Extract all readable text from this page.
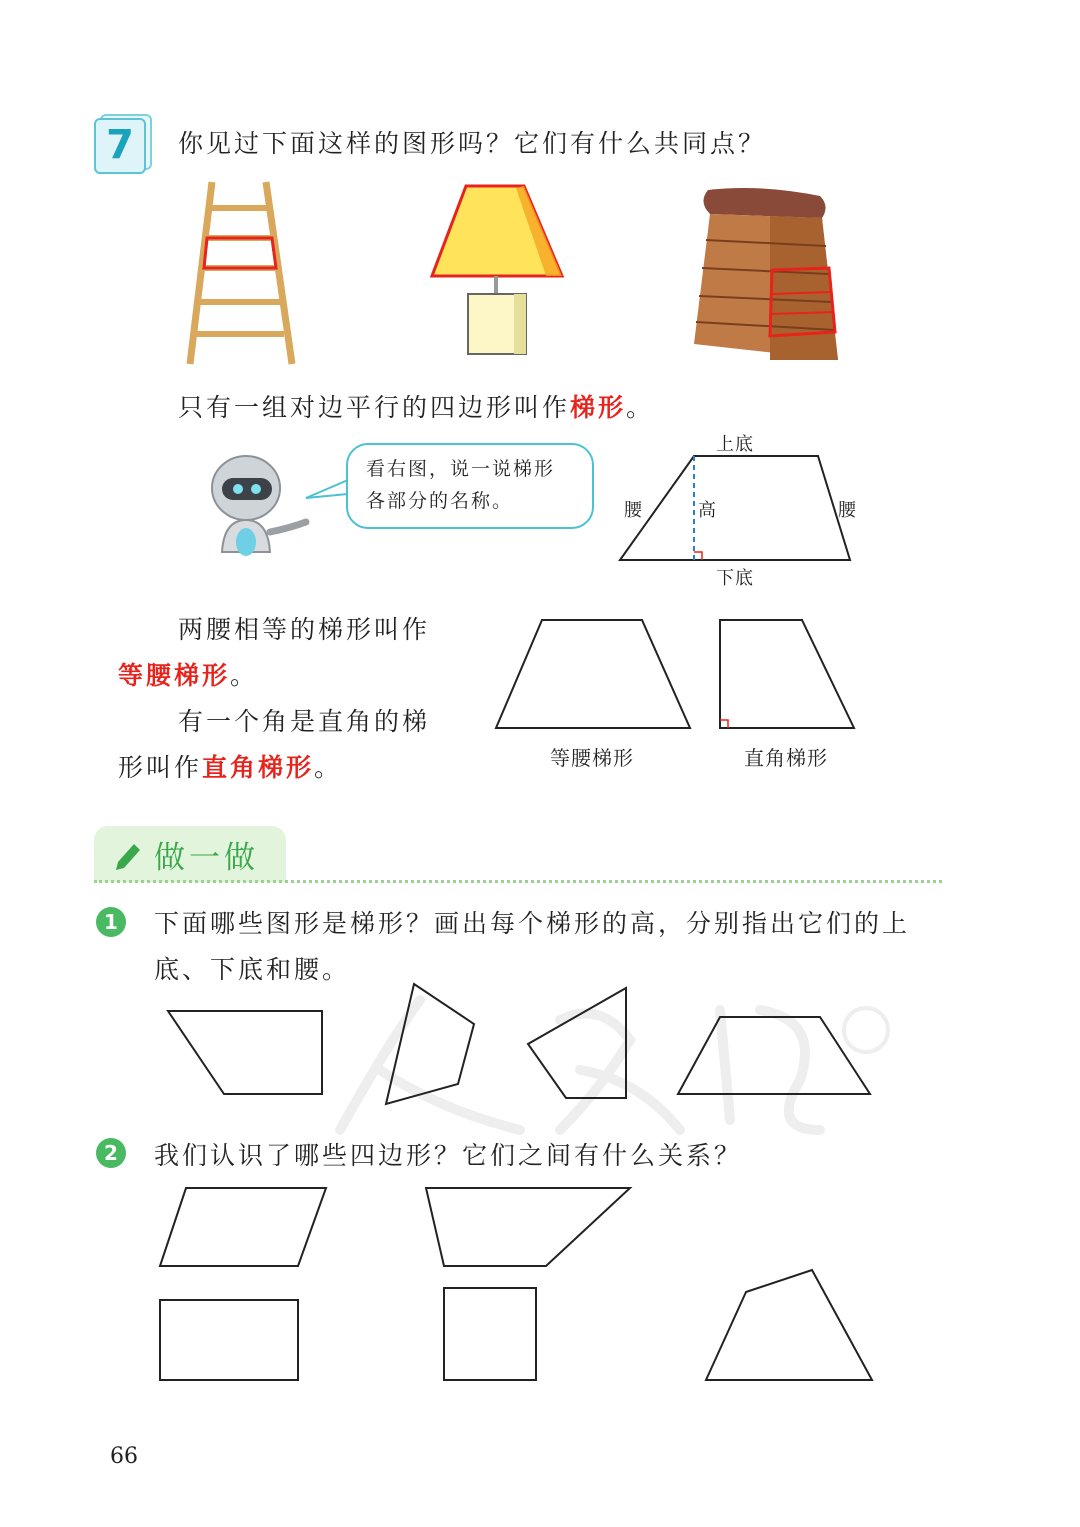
7	你见过下面这样的图形吗？它们有什么共同点？
只有一组对边平行的四边形叫作梯形。
看右图，说一说梯形
各部分的名称。
上底
下底
腰	腰
高
两腰相等的梯形叫作
等腰梯形。
有一个角是直角的梯
形叫作直角梯形。	等腰梯形	直角梯形
做一做
1	下面哪些图形是梯形？画出每个梯形的高，分别指出它们的上
底、下底和腰。
2	我们认识了哪些四边形？它们之间有什么关系？
66
